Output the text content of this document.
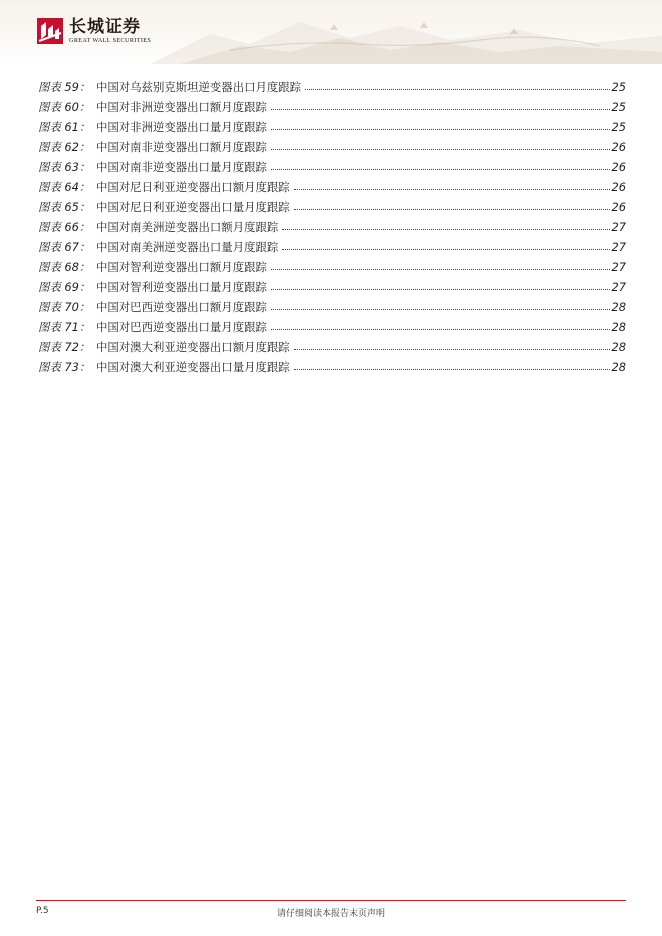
长城证券
GREAT WALL SECURITIES
图表 59： 中国对乌兹别克斯坦逆变器出口月度跟踪	25
图表 60： 中国对非洲逆变器出口额月度跟踪	25
图表 61： 中国对非洲逆变器出口量月度跟踪	25
图表 62： 中国对南非逆变器出口额月度跟踪	26
图表 63： 中国对南非逆变器出口量月度跟踪	26
图表 64： 中国对尼日利亚逆变器出口额月度跟踪	26
图表 65： 中国对尼日利亚逆变器出口量月度跟踪	26
图表 66： 中国对南美洲逆变器出口额月度跟踪	27
图表 67： 中国对南美洲逆变器出口量月度跟踪	27
图表 68： 中国对智利逆变器出口额月度跟踪	27
图表 69： 中国对智利逆变器出口量月度跟踪	27
图表 70： 中国对巴西逆变器出口额月度跟踪	28
图表 71： 中国对巴西逆变器出口量月度跟踪	28
图表 72： 中国对澳大利亚逆变器出口额月度跟踪	28
图表 73： 中国对澳大利亚逆变器出口量月度跟踪	28
P.5	请仔细阅读本报告末页声明
